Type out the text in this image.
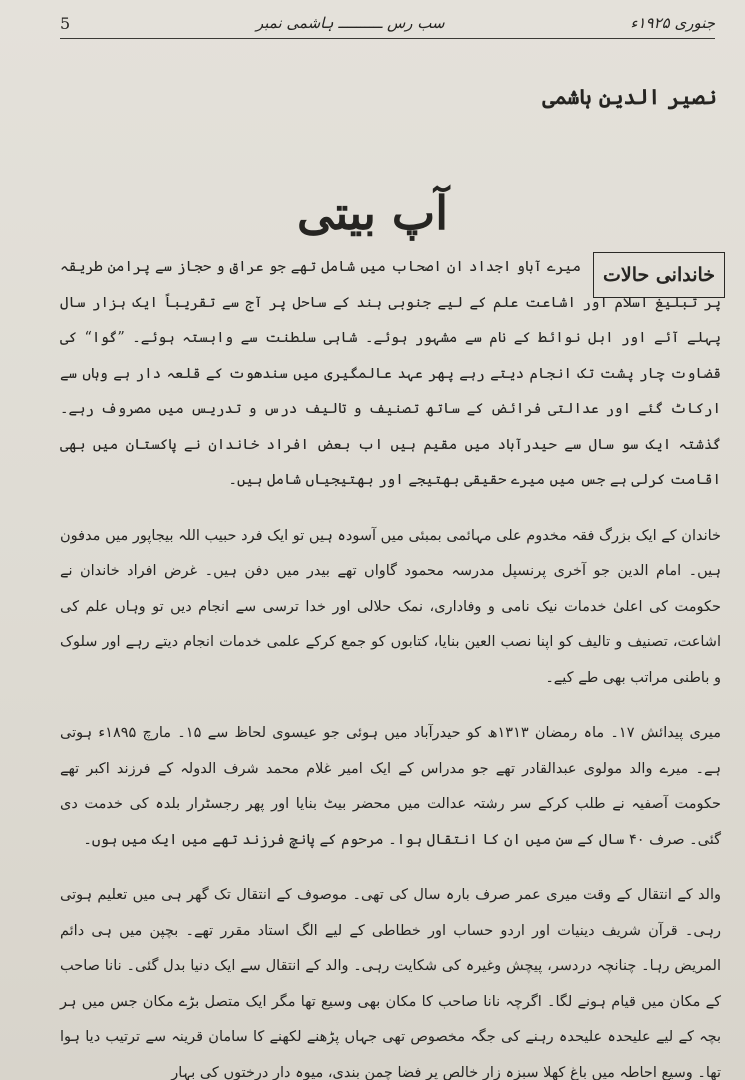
جنوری ۱۹۲۵ء
سب رس ــــــــــ ہاشمی نمبر
5
نصیر الدین ہاشمی
آپ بیتی
خاندانی حالات

میرے آباو اجداد ان اصحاب میں شامل تھے جو عراق و حجاز سے پرامن طریقہ پر تبلیغ اسلام اور اشاعت علم کے لیے جنوبی ہند کے ساحل پر آج سے تقریباً ایک ہزار سال پہلے آئے اور ابل نوائط کے نام سے مشہور ہوئے۔ شاہی سلطنت سے وابستہ ہوئے۔ ”گوا“ کی قضاوت چار پشت تک انجام دیتے رہے پھر عہد عالمگیری میں سندھوت کے قلعہ دار ہے وہاں سے ارکاٹ گئے اور عدالتی فرائض کے ساتھ تصنیف و تالیف درس و تدریس میں مصروف رہے۔ گذشتہ ایک سو سال سے حیدرآباد میں مقیم ہیں اب بعض افراد خاندان نے پاکستان میں بھی اقامت کرلی ہے جس میں میرے حقیقی بھتیجے اور بھتیجیاں شامل ہیں۔

خاندان کے ایک بزرگ فقہ مخدوم علی مہائمی بمبئی میں آسودہ ہیں تو ایک فرد حبیب اللہ بیجاپور میں مدفون ہیں۔ امام الدین جو آخری پرنسپل مدرسہ محمود گاواں تھے بیدر میں دفن ہیں۔ غرض افراد خاندان نے حکومت کی اعلیٰ خدمات نیک نامی و وفاداری، نمک حلالی اور خدا ترسی سے انجام دیں تو وہاں علم کی اشاعت، تصنیف و تالیف کو اپنا نصب العین بنایا، کتابوں کو جمع کرکے علمی خدمات انجام دیتے رہے اور سلوک و باطنی مراتب بھی طے کیے۔

میری پیدائش ۱۷۔ ماہ رمضان ۱۳۱۳ھ کو حیدرآباد میں ہوئی جو عیسوی لحاظ سے ۱۵۔ مارچ ۱۸۹۵ء ہوتی ہے۔ میرے والد مولوی عبدالقادر تھے جو مدراس کے ایک امیر غلام محمد شرف الدولہ کے فرزند اکبر تھے حکومت آصفیہ نے طلب کرکے سر رشتہ عدالت میں محضر بیٹ بنایا اور پھر رجسٹرار بلدہ کی خدمت دی گئی۔ صرف ۴۰ سال کے سن میں ان کا انتقال ہوا۔ مرحوم کے پانچ فرزند تھے میں ایک میں ہوں۔

والد کے انتقال کے وقت میری عمر صرف بارہ سال کی تھی۔ موصوف کے انتقال تک گھر ہی میں تعلیم ہوتی رہی۔ قرآن شریف دینیات اور اردو حساب اور خطاطی کے لیے الگ استاد مقرر تھے۔ بچپن میں ہی دائم المریض رہا۔ چنانچہ دردسر، پیچش وغیرہ کی شکایت رہی۔ والد کے انتقال سے ایک دنیا بدل گئی۔ نانا صاحب کے مکان میں قیام ہونے لگا۔ اگرچہ نانا صاحب کا مکان بھی وسیع تھا مگر ایک متصل بڑے مکان جس میں ہر بچہ کے لیے علیحدہ علیحدہ رہنے کی جگہ مخصوص تھی جہاں پڑھنے لکھنے کا سامان قرینہ سے ترتیب دیا ہوا تھا۔ وسیع احاطہ میں باغ کھلا سبزہ زار خالص پر فضا چمن بندی، میوہ دار درختوں کی بہار
